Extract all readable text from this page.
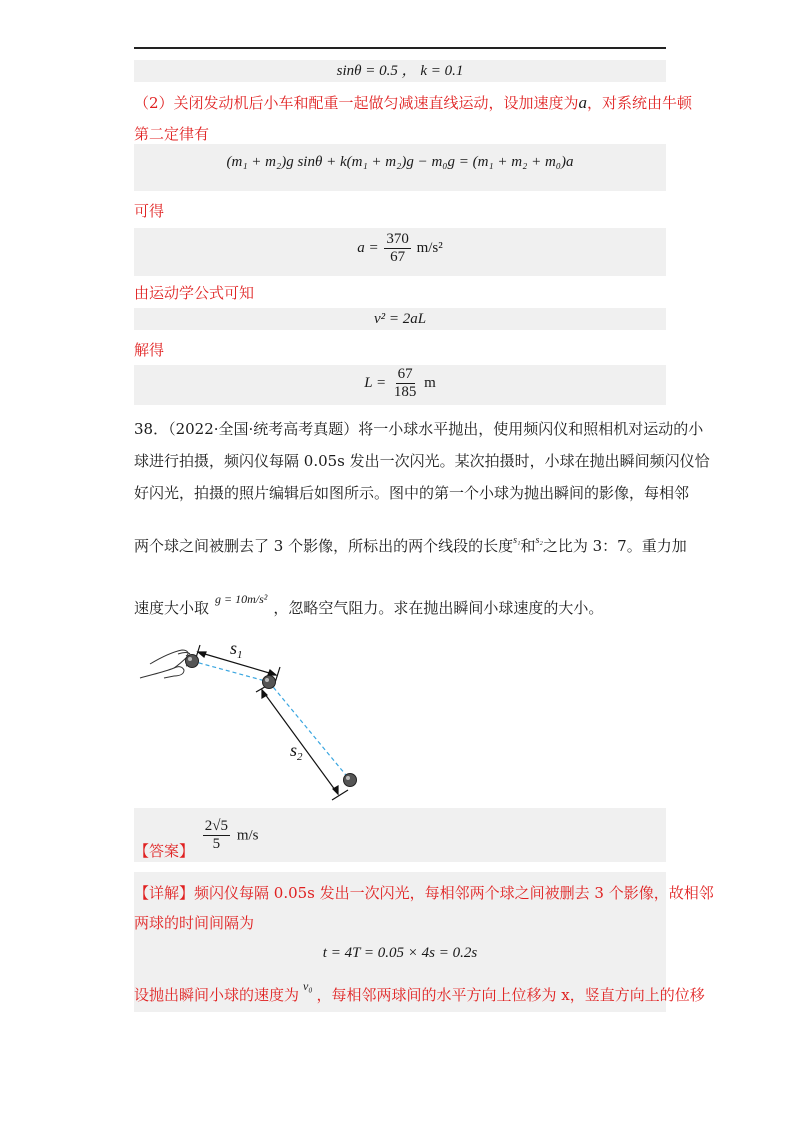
sinθ = 0.5 ， k = 0.1
（2）关闭发动机后小车和配重一起做匀减速直线运动，设加速度为a，对系统由牛顿
第二定律有
(m₁ + m₂)g sinθ + k(m₁ + m₂)g − m₀g = (m₁ + m₂ + m₀)a
可得
$a = \frac{370}{67} m/s^2$
由运动学公式可知
v² = 2aL
解得
$L = \frac{67}{185}$ m
38．（2022·全国·统考高考真题）将一小球水平抛出，使用频闪仪和照相机对运动的小
球进行拍摄，频闪仪每隔 0.05s 发出一次闪光。某次拍摄时，小球在抛出瞬间频闪仪恰
好闪光，拍摄的照片编辑后如图所示。图中的第一个小球为抛出瞬间的影像，每相邻
两个球之间被删去了 3 个影像，所标出的两个线段的长度$^{s_1}$和$^{s_2}$之比为 3：7。重力加
速度大小取 $^{g = 10m/s^2}$ ，忽略空气阻力。求在抛出瞬间小球速度的大小。
$s_1$
$s_2$
【答案】 $\frac{2√5}{5} m/s$
【详解】频闪仪每隔 0.05s 发出一次闪光，每相邻两个球之间被删去 3 个影像，故相邻
两球的时间间隔为
t = 4T = 0.05 × 4s = 0.2s
设抛出瞬间小球的速度为 $^{v_0}$ ，每相邻两球间的水平方向上位移为 x，竖直方向上的位移
